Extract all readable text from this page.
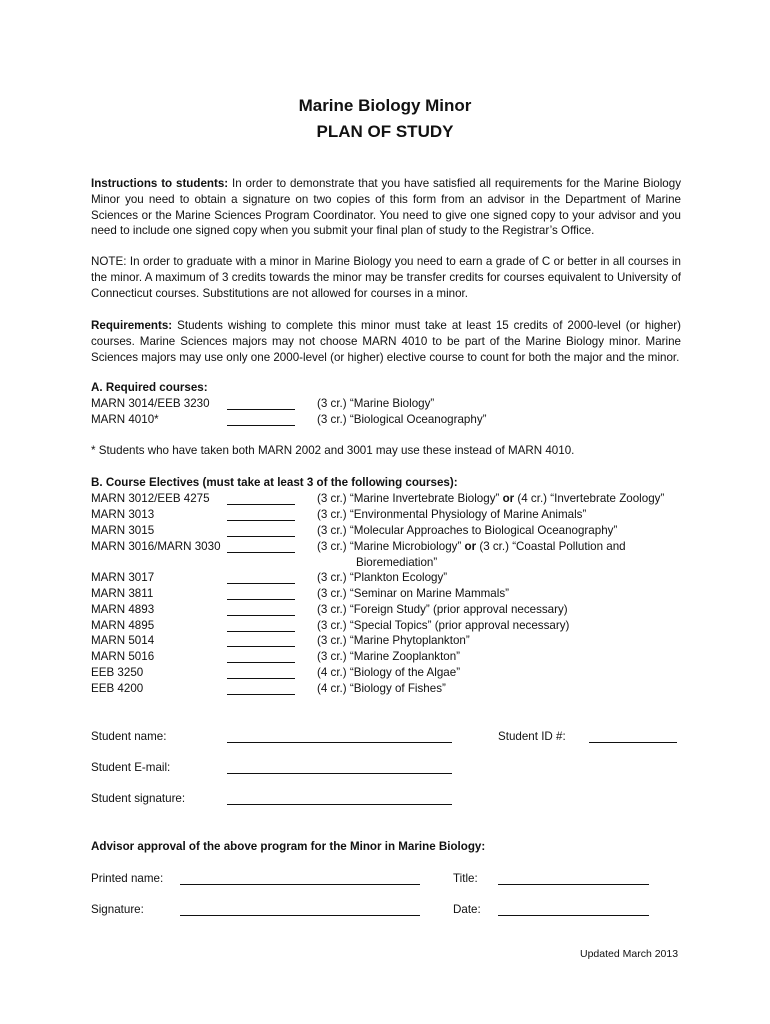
Marine Biology Minor
PLAN OF STUDY
Instructions to students: In order to demonstrate that you have satisfied all requirements for the Marine Biology Minor you need to obtain a signature on two copies of this form from an advisor in the Department of Marine Sciences or the Marine Sciences Program Coordinator. You need to give one signed copy to your advisor and you need to include one signed copy when you submit your final plan of study to the Registrar’s Office.
NOTE: In order to graduate with a minor in Marine Biology you need to earn a grade of C or better in all courses in the minor. A maximum of 3 credits towards the minor may be transfer credits for courses equivalent to University of Connecticut courses. Substitutions are not allowed for courses in a minor.
Requirements: Students wishing to complete this minor must take at least 15 credits of 2000-level (or higher) courses. Marine Sciences majors may not choose MARN 4010 to be part of the Marine Biology minor. Marine Sciences majors may use only one 2000-level (or higher) elective course to count for both the major and the minor.
A. Required courses:
MARN 3014/EEB 3230	(3 cr.) “Marine Biology”
MARN 4010*	(3 cr.) “Biological Oceanography”
* Students who have taken both MARN 2002 and 3001 may use these instead of MARN 4010.
B. Course Electives (must take at least 3 of the following courses):
MARN 3012/EEB 4275	(3 cr.) “Marine Invertebrate Biology” or (4 cr.) “Invertebrate Zoology”
MARN 3013	(3 cr.) “Environmental Physiology of Marine Animals”
MARN 3015	(3 cr.) “Molecular Approaches to Biological Oceanography”
MARN 3016/MARN 3030	(3 cr.) “Marine Microbiology” or (3 cr.) “Coastal Pollution and
Bioremediation”
MARN 3017	(3 cr.) “Plankton Ecology”
MARN 3811	(3 cr.) “Seminar on Marine Mammals”
MARN 4893	(3 cr.) “Foreign Study” (prior approval necessary)
MARN 4895	(3 cr.) “Special Topics” (prior approval necessary)
MARN 5014	(3 cr.) “Marine Phytoplankton”
MARN 5016	(3 cr.) “Marine Zooplankton”
EEB 3250	(4 cr.) “Biology of the Algae”
EEB 4200	(4 cr.) “Biology of Fishes”
Student name:	Student ID #:
Student E-mail:
Student signature:
Advisor approval of the above program for the Minor in Marine Biology:
Printed name:	Title:
Signature:	Date:
Updated March 2013
